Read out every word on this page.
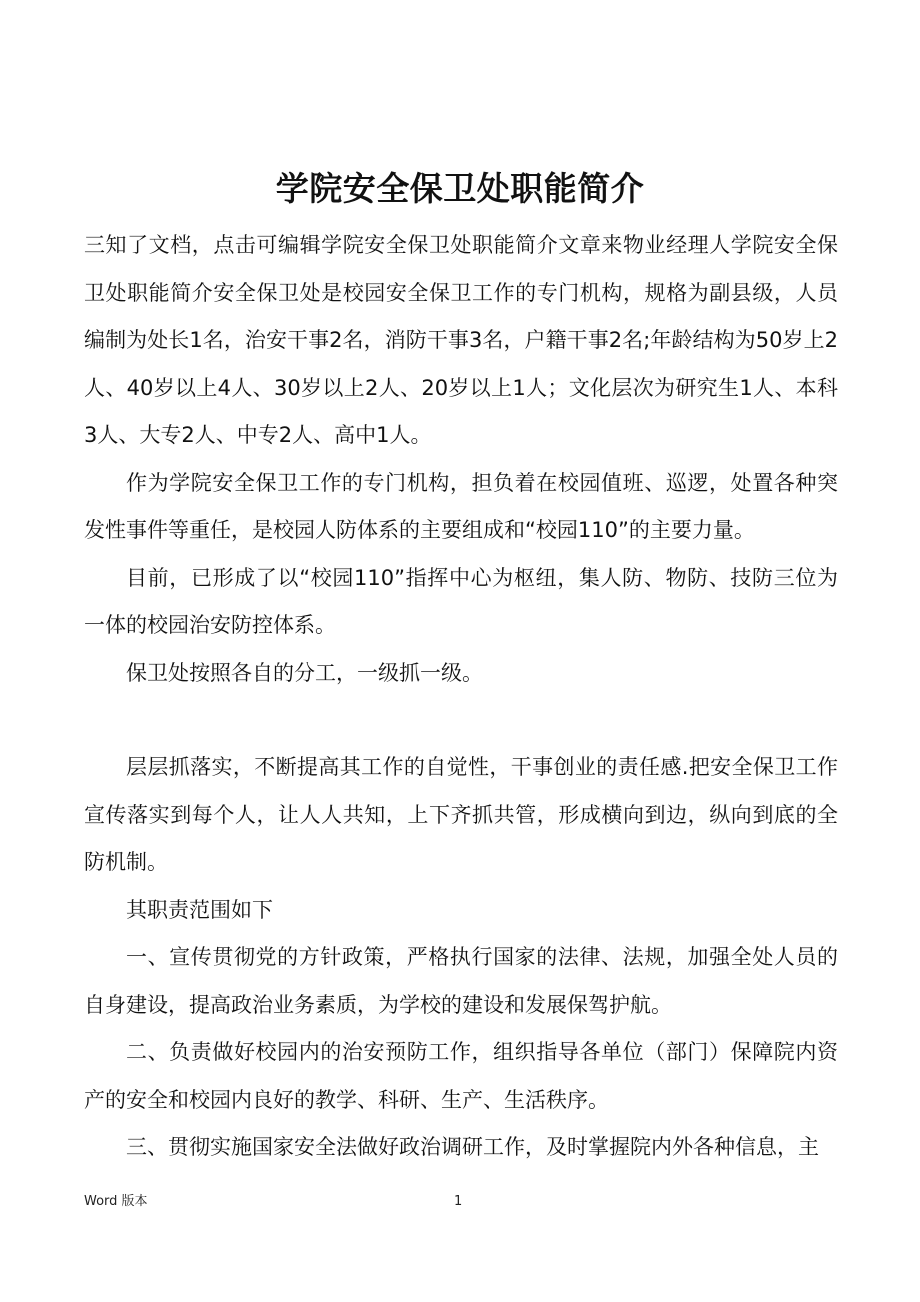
学院安全保卫处职能简介

三知了文档，点击可编辑学院安全保卫处职能简介文章来物业经理人学院安全保卫处职能简介安全保卫处是校园安全保卫工作的专门机构，规格为副县级，人员编制为处长1名，治安干事2名，消防干事3名，户籍干事2名;年龄结构为50岁上2人、40岁以上4人、30岁以上2人、20岁以上1人；文化层次为研究生1人、本科3人、大专2人、中专2人、高中1人。

作为学院安全保卫工作的专门机构，担负着在校园值班、巡逻，处置各种突发性事件等重任，是校园人防体系的主要组成和“校园110”的主要力量。

目前，已形成了以“校园110”指挥中心为枢纽，集人防、物防、技防三位为一体的校园治安防控体系。

保卫处按照各自的分工，一级抓一级。

层层抓落实，不断提高其工作的自觉性，干事创业的责任感.把安全保卫工作宣传落实到每个人，让人人共知，上下齐抓共管，形成横向到边，纵向到底的全防机制。

其职责范围如下

一、宣传贯彻党的方针政策，严格执行国家的法律、法规，加强全处人员的自身建设，提高政治业务素质，为学校的建设和发展保驾护航。

二、负责做好校园内的治安预防工作，组织指导各单位（部门）保障院内资产的安全和校园内良好的教学、科研、生产、生活秩序。

三、贯彻实施国家安全法做好政治调研工作，及时掌握院内外各种信息，主

Word 版本	1
